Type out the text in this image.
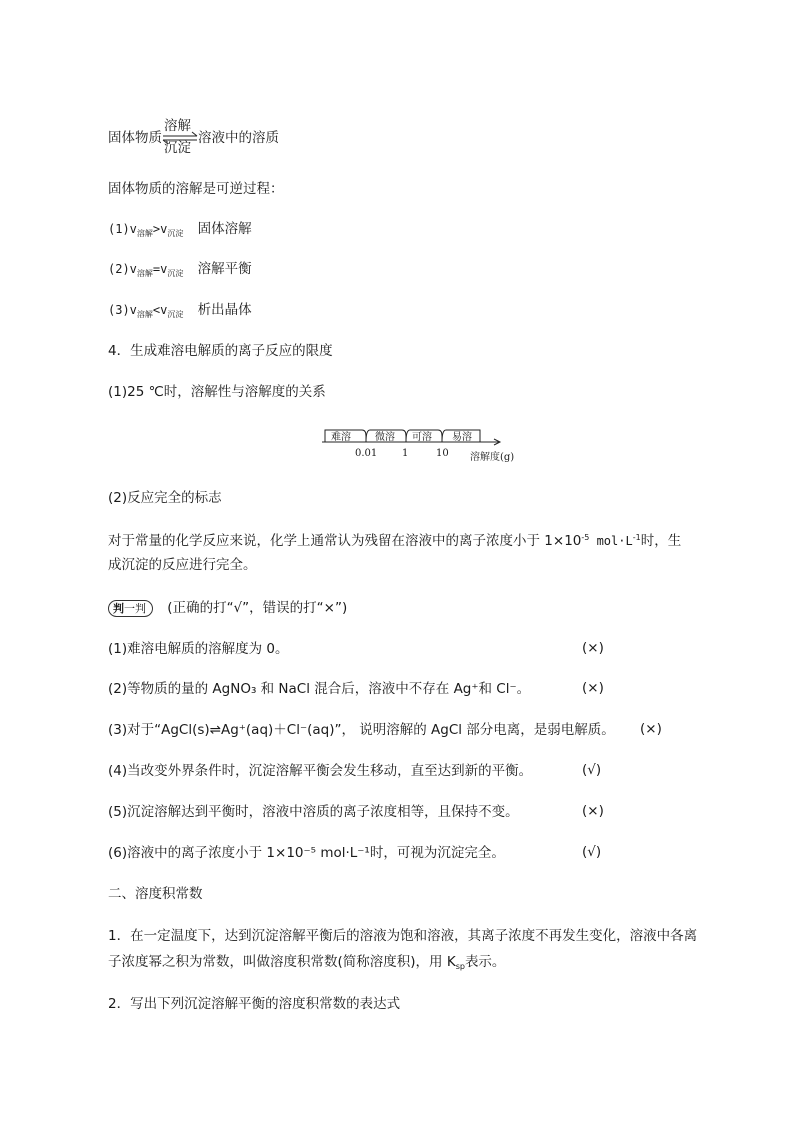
固体物质
溶解
沉淀
溶液中的溶质
固体物质的溶解是可逆过程：
$(1)v_{溶解}>v_{沉淀}$ 固体溶解
$(2)v_{溶解}=v_{沉淀}$ 溶解平衡
$(3)v_{溶解}<v_{沉淀}$ 析出晶体
4．生成难溶电解质的离子反应的限度
(1)25 ℃时，溶解性与溶解度的关系
难溶 微溶 可溶 易溶
0.01 1	10 溶解度(g)
(2)反应完全的标志
对于常量的化学反应来说，化学上通常认为残留在溶液中的离子浓度小于 $1\times 10^{-5}$ $mol\cdot L^{-1}$时，生
成沉淀的反应进行完全。
判一判 (正确的打“√”，错误的打“×”)
(1)难溶电解质的溶解度为 0。	(×)
(2)等物质的量的 AgNO₃ 和 NaCl 混合后，溶液中不存在 Ag⁺和 Cl⁻。	(×)
(3)对于“AgCl(s)⇌Ag⁺(aq)＋Cl⁻(aq)”， 说明溶解的 AgCl 部分电离，是弱电解质。 (×)
(4)当改变外界条件时，沉淀溶解平衡会发生移动，直至达到新的平衡。	(√)
(5)沉淀溶解达到平衡时，溶液中溶质的离子浓度相等，且保持不变。	(×)
(6)溶液中的离子浓度小于 1×10⁻⁵ mol·L⁻¹时，可视为沉淀完全。	(√)
二、溶度积常数
1．在一定温度下，达到沉淀溶解平衡后的溶液为饱和溶液，其离子浓度不再发生变化，溶液中各离
子浓度幂之积为常数，叫做溶度积常数(简称溶度积)，用 $K_{sp}$表示。
2．写出下列沉淀溶解平衡的溶度积常数的表达式
